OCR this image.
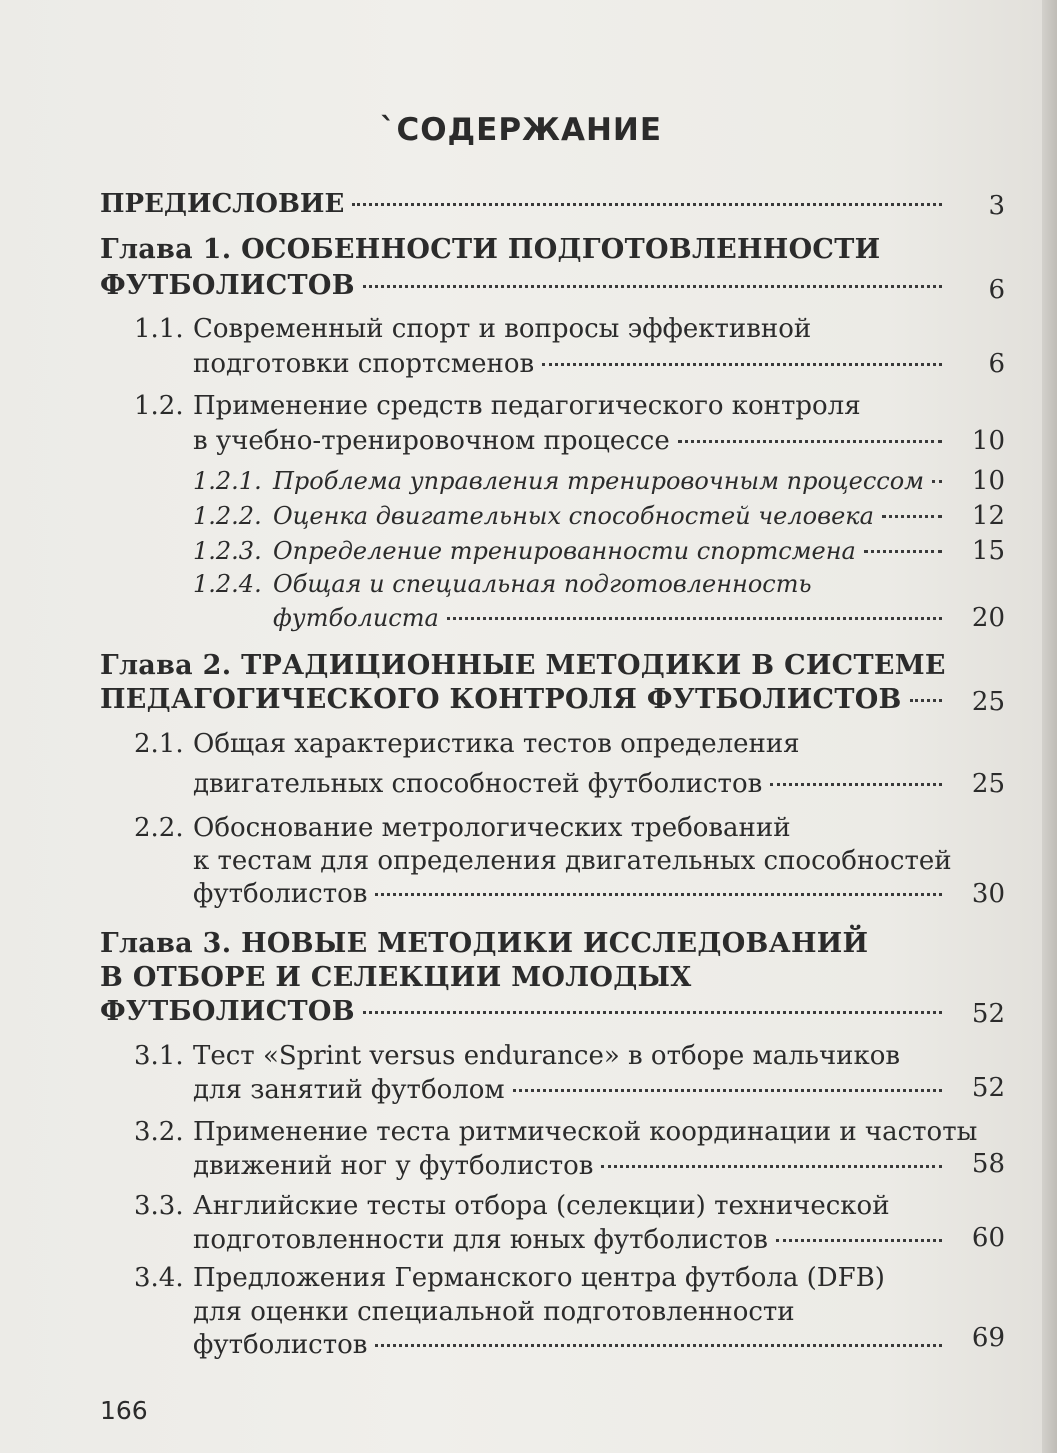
`СОДЕРЖАНИЕ
ПРЕДИСЛОВИЕ	3
Глава 1. ОСОБЕННОСТИ ПОДГОТОВЛЕННОСТИ
ФУТБОЛИСТОВ	6
1.1. Современный спорт и вопросы эффективной
подготовки спортсменов	6
1.2. Применение средств педагогического контроля
в учебно-тренировочном процессе	10
1.2.1. Проблема управления тренировочным процессом 10
1.2.2. Оценка двигательных способностей человека	12
1.2.3. Определение тренированности спортсмена	15
1.2.4. Общая и специальная подготовленность
футболиста	20
Глава 2. ТРАДИЦИОННЫЕ МЕТОДИКИ В СИСТЕМЕ
ПЕДАГОГИЧЕСКОГО КОНТРОЛЯ ФУТБОЛИСТОВ	25
2.1. Общая характеристика тестов определения
двигательных способностей футболистов	25
2.2. Обоснование метрологических требований
к тестам для определения двигательных способностей
футболистов	30
Глава 3. НОВЫЕ МЕТОДИКИ ИССЛЕДОВАНИЙ
В ОТБОРЕ И СЕЛЕКЦИИ МОЛОДЫХ
ФУТБОЛИСТОВ	52
3.1. Тест «Sprint versus endurance» в отборе мальчиков
для занятий футболом	52
3.2. Применение теста ритмической координации и частоты
движений ног у футболистов	58
3.3. Английские тесты отбора (селекции) технической
подготовленности для юных футболистов	60
3.4. Предложения Германского центра футбола (DFB)
для оценки специальной подготовленности
футболистов	69
166
